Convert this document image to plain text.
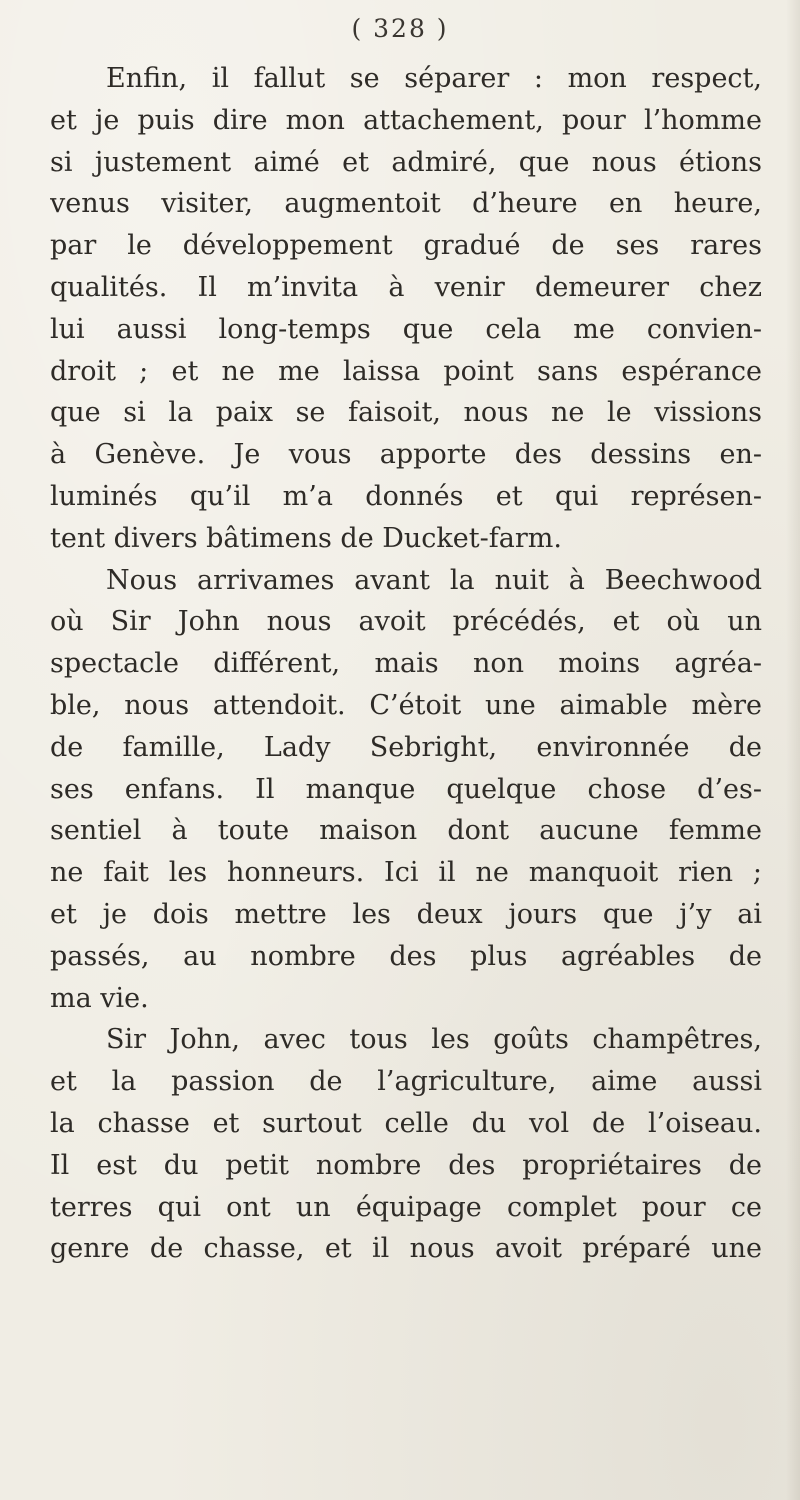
( 328 )
Enfin, il fallut se séparer : mon respect,
et je puis dire mon attachement, pour l’homme
si justement aimé et admiré, que nous étions
venus visiter, augmentoit d’heure en heure,
par le développement gradué de ses rares
qualités. Il m’invita à venir demeurer chez
lui aussi long-temps que cela me convien-
droit ; et ne me laissa point sans espérance
que si la paix se faisoit, nous ne le vissions
à Genève. Je vous apporte des dessins en-
luminés qu’il m’a donnés et qui représen-
tent divers bâtimens de Ducket-farm.
Nous arrivames avant la nuit à Beechwood
où Sir John nous avoit précédés, et où un
spectacle différent, mais non moins agréa-
ble, nous attendoit. C’étoit une aimable mère
de famille, Lady Sebright, environnée de
ses enfans. Il manque quelque chose d’es-
sentiel à toute maison dont aucune femme
ne fait les honneurs. Ici il ne manquoit rien ;
et je dois mettre les deux jours que j’y ai
passés, au nombre des plus agréables de
ma vie.
Sir John, avec tous les goûts champêtres,
et la passion de l’agriculture, aime aussi
la chasse et surtout celle du vol de l’oiseau.
Il est du petit nombre des propriétaires de
terres qui ont un équipage complet pour ce
genre de chasse, et il nous avoit préparé une
